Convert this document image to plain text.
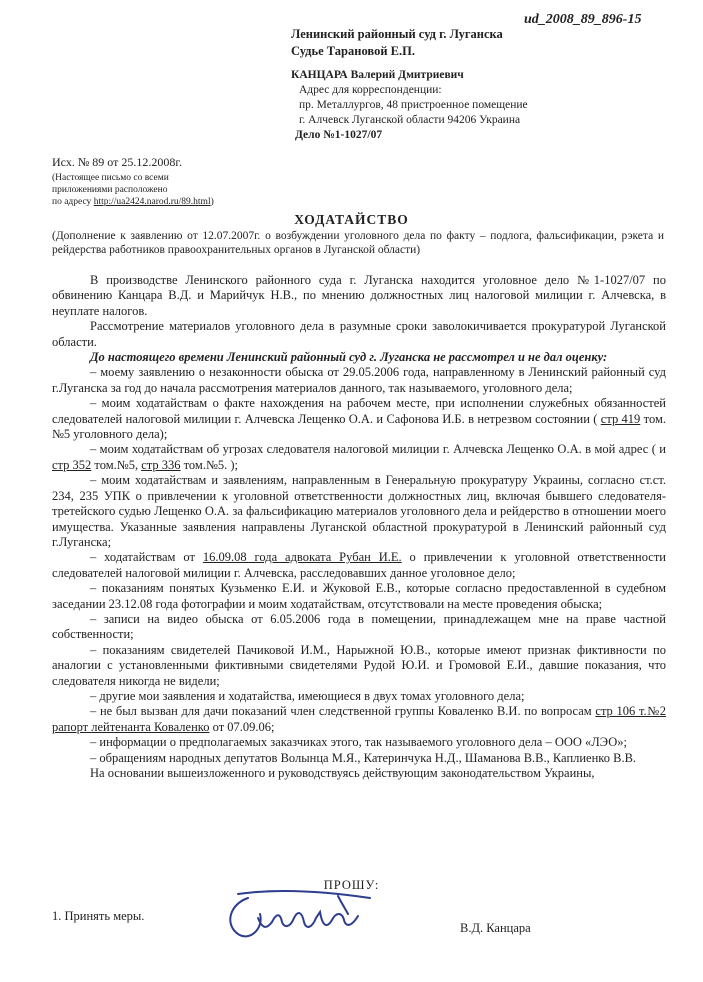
ud_2008_89_896-15
Ленинский районный суд г. Луганска
Судье Тарановой Е.П.
КАНЦАРА Валерий Дмитриевич
Адрес для корреспонденции:
пр. Металлургов, 48 пристроенное помещение
г. Алчевск Луганской области 94206 Украина
Дело №1-1027/07
Исх. № 89 от 25.12.2008г.
(Настоящее письмо со всеми
приложениями расположено
по адресу http://ua2424.narod.ru/89.html)
ХОДАТАЙСТВО
(Дополнение к заявлению от 12.07.2007г. о возбуждении уголовного дела по факту – подлога, фальсификации, рэкета и рейдерства работников правоохранительных органов в Луганской области)

В производстве Ленинского районного суда г. Луганска находится уголовное дело №1-1027/07 по обвинению Канцара В.Д. и Марийчук Н.В., по мнению должностных лиц налоговой милиции г. Алчевска, в неуплате налогов.

Рассмотрение материалов уголовного дела в разумные сроки заволокичивается прокуратурой Луганской области.

До настоящего времени Ленинский районный суд г. Луганска не рассмотрел и не дал оценку:

– моему заявлению о незаконности обыска от 29.05.2006 года, направленному в Ленинский районный суд г.Луганска за год до начала рассмотрения материалов данного, так называемого, уголовного дела;

– моим ходатайствам о факте нахождения на рабочем месте, при исполнении служебных обязанностей следователей налоговой милиции г. Алчевска Лещенко О.А. и Сафонова И.Б. в нетрезвом состоянии ( стр 419 том.№5 уголовного дела);

– моим ходатайствам об угрозах следователя налоговой милиции г. Алчевска Лещенко О.А. в мой адрес ( и стр 352 том.№5, стр 336 том.№5. );

– моим ходатайствам и заявлениям, направленным в Генеральную прокуратуру Украины, согласно ст.ст. 234, 235 УПК о привлечении к уголовной ответственности должностных лиц, включая бывшего следователя-третейского судью Лещенко О.А. за фальсификацию материалов уголовного дела и рейдерство в отношении моего имущества. Указанные заявления направлены Луганской областной прокуратурой в Ленинский районный суд г.Луганска;

– ходатайствам от 16.09.08 года адвоката Рубан И.Е. о привлечении к уголовной ответственности следователей налоговой милиции г. Алчевска, расследовавших данное уголовное дело;

– показаниям понятых Кузьменко Е.И. и Жуковой Е.В., которые согласно предоставленной в судебном заседании 23.12.08 года фотографии и моим ходатайствам, отсутствовали на месте проведения обыска;

– записи на видео обыска от 6.05.2006 года в помещении, принадлежащем мне на праве частной собственности;

– показаниям свидетелей Пачиковой И.М., Нарыжной Ю.В., которые имеют признак фиктивности по аналогии с установленными фиктивными свидетелями Рудой Ю.И. и Громовой Е.И., давшие показания, что следователя никогда не видели;

– другие мои заявления и ходатайства, имеющиеся в двух томах уголовного дела;

– не был вызван для дачи показаний член следственной группы Коваленко В.И. по вопросам стр 106 т.№2 рапорт лейтенанта Коваленко от 07.09.06;

– информации о предполагаемых заказчиках этого, так называемого уголовного дела – ООО «ЛЭО»;

– обращениям народных депутатов Волынца М.Я., Катеринчука Н.Д., Шаманова В.В., Каплиенко В.В.

На основании вышеизложенного и руководствуясь действующим законодательством Украины,

ПРОШУ:
1. Принять меры.
В.Д. Канцара
